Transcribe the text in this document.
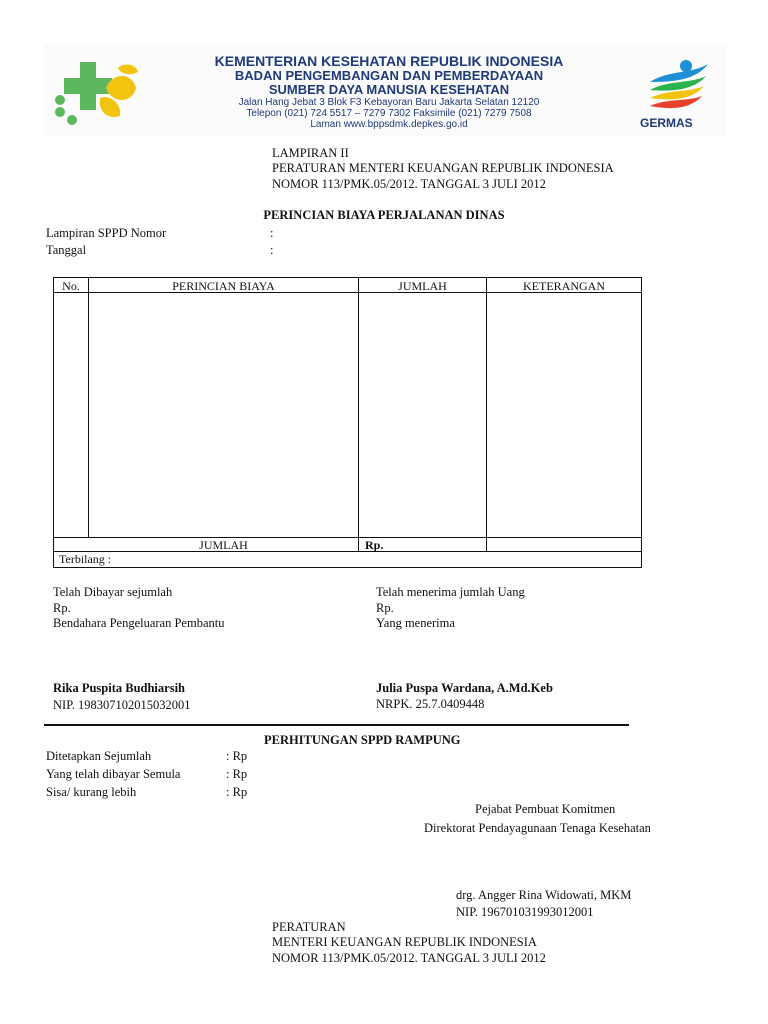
KEMENTERIAN KESEHATAN REPUBLIK INDONESIA
BADAN PENGEMBANGAN DAN PEMBERDAYAAN
SUMBER DAYA MANUSIA KESEHATAN
Jalan Hang Jebat 3 Blok F3 Kebayoran Baru Jakarta Selatan 12120
Telepon (021) 724 5517 – 7279 7302 Faksimile (021) 7279 7508
Laman www.bppsdmk.depkes.go.id	GERMAS
LAMPIRAN II
PERATURAN MENTERI KEUANGAN REPUBLIK INDONESIA
NOMOR 113/PMK.05/2012. TANGGAL 3 JULI 2012
PERINCIAN BIAYA PERJALANAN DINAS
Lampiran SPPD Nomor	:
Tanggal	:
No.	PERINCIAN BIAYA	JUMLAH	KETERANGAN
JUMLAH	Rp.
Terbilang :
Telah Dibayar sejumlah
Rp.
Bendahara Pengeluaran Pembantu
Telah menerima jumlah Uang
Rp.
Yang menerima
Rika Puspita Budhiarsih
NIP. 198307102015032001
Julia Puspa Wardana, A.Md.Keb
NRPK. 25.7.0409448
PERHITUNGAN SPPD RAMPUNG
Ditetapkan Sejumlah	: Rp
Yang telah dibayar Semula	: Rp
Sisa/ kurang lebih	: Rp
Pejabat Pembuat Komitmen
Direktorat Pendayagunaan Tenaga Kesehatan
drg. Angger Rina Widowati, MKM
NIP. 196701031993012001
PERATURAN
MENTERI KEUANGAN REPUBLIK INDONESIA
NOMOR 113/PMK.05/2012. TANGGAL 3 JULI 2012
